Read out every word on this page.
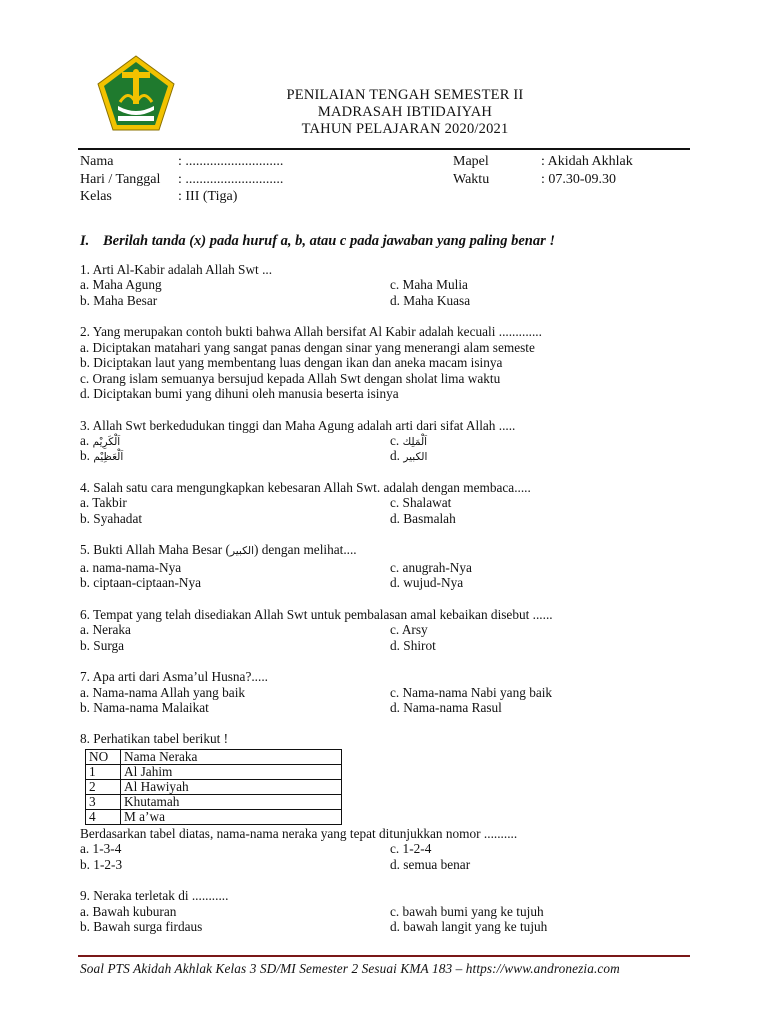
PENILAIAN TENGAH SEMESTER II
MADRASAH IBTIDAIYAH
TAHUN PELAJARAN 2020/2021
Nama	: ............................
Hari / Tanggal	: ............................
Kelas	: III (Tiga)
Mapel	: Akidah Akhlak
Waktu	: 07.30-09.30
I. Berilah tanda (x) pada huruf a, b, atau c pada jawaban yang paling benar !
1. Arti Al-Kabir adalah Allah Swt ...
a. Maha Agung	c. Maha Mulia
b. Maha Besar	d. Maha Kuasa
2. Yang merupakan contoh bukti bahwa Allah bersifat Al Kabir adalah kecuali .............
a. Diciptakan matahari yang sangat panas dengan sinar yang menerangi alam semeste
b. Diciptakan laut yang membentang luas dengan ikan dan aneka macam isinya
c. Orang islam semuanya bersujud kepada Allah Swt dengan sholat lima waktu
d. Diciptakan bumi yang dihuni oleh manusia beserta isinya
3. Allah Swt berkedudukan tinggi dan Maha Agung adalah arti dari sifat Allah .....
a. اَلْكَرِيْم	c. اَلْمَلِك
b. اَلْعَظِيْم	d. الكبير
4. Salah satu cara mengungkapkan kebesaran Allah Swt. adalah dengan membaca.....
a. Takbir	c. Shalawat
b. Syahadat	d. Basmalah
5. Bukti Allah Maha Besar (الكبير) dengan melihat....
a. nama-nama-Nya	c. anugrah-Nya
b. ciptaan-ciptaan-Nya	d. wujud-Nya
6. Tempat yang telah disediakan Allah Swt untuk pembalasan amal kebaikan disebut ......
a. Neraka	c. Arsy
b. Surga	d. Shirot
7. Apa arti dari Asma’ul Husna?.....
a. Nama-nama Allah yang baik	c. Nama-nama Nabi yang baik
b. Nama-nama Malaikat	d. Nama-nama Rasul
8. Perhatikan tabel berikut !
NO	Nama Neraka
1	Al Jahim
2	Al Hawiyah
3	Khutamah
4	M a’wa
Berdasarkan tabel diatas, nama-nama neraka yang tepat ditunjukkan nomor ..........
a. 1-3-4	c. 1-2-4
b. 1-2-3	d. semua benar
9. Neraka terletak di ...........
a. Bawah kuburan	c. bawah bumi yang ke tujuh
b. Bawah surga firdaus	d. bawah langit yang ke tujuh
Soal PTS Akidah Akhlak Kelas 3 SD/MI Semester 2 Sesuai KMA 183 – https://www.andronezia.com
